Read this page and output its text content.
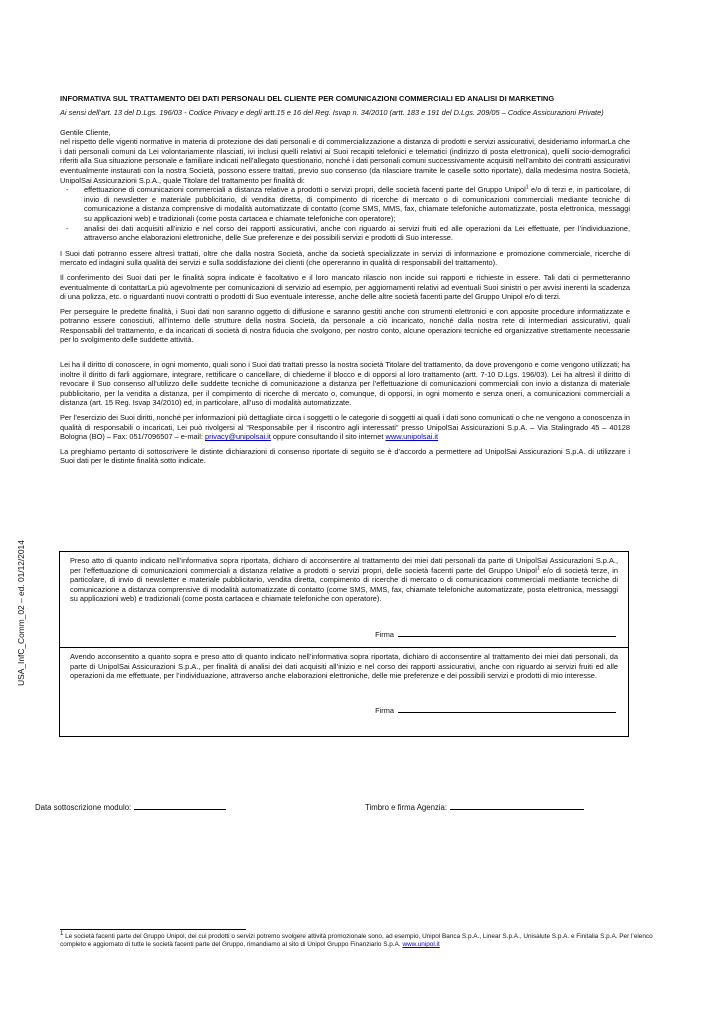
USA_InfC_Comm_02 – ed. 01/12/2014
INFORMATIVA SUL TRATTAMENTO DEI DATI PERSONALI DEL CLIENTE PER COMUNICAZIONI COMMERCIALI ED ANALISI DI MARKETING
Ai sensi dell’art. 13 del D.Lgs. 196/03 - Codice Privacy e degli artt.15 e 16 del Reg. Isvap n. 34/2010 (artt. 183 e 191 del D.Lgs. 209/05 – Codice Assicurazioni Private)

Gentile Cliente,

nel rispetto delle vigenti normative in materia di protezione dei dati personali e di commercializzazione a distanza di prodotti e servizi assicurativi, desideriamo informarLa che i dati personali comuni da Lei volontariamente rilasciati, ivi inclusi quelli relativi ai Suoi recapiti telefonici e telematici (indirizzo di posta elettronica), quelli socio-demografici riferiti alla Sua situazione personale e familiare indicati nell’allegato questionario, nonché i dati personali comuni successivamente acquisiti nell’ambito dei contratti assicurativi eventualmente instaurati con la nostra Società, possono essere trattati, previo suo consenso (da rilasciare tramite le caselle sotto riportate), dalla medesima nostra Società, UnipolSai Assicurazioni S.p.A., quale Titolare del trattamento per finalità di:

- effettuazione di comunicazioni commerciali a distanza relative a prodotti o servizi propri, delle società facenti parte del Gruppo Unipol$^1$ e/o di terzi e, in particolare, di invio di newsletter e materiale pubblicitario, di vendita diretta, di compimento di ricerche di mercato o di comunicazioni commerciali mediante tecniche di comunicazione a distanza comprensive di modalità automatizzate di contatto (come SMS, MMS, fax, chiamate telefoniche automatizzate, posta elettronica, messaggi su applicazioni web) e tradizionali (come posta cartacea e chiamate telefoniche con operatore);
- analisi dei dati acquisiti all’inizio e nel corso dei rapporti assicurativi, anche con riguardo ai servizi fruiti ed alle operazioni da Lei effettuate, per l’individuazione, attraverso anche elaborazioni elettroniche, delle Sue preferenze e dei possibili servizi e prodotti di Suo interesse.

I Suoi dati potranno essere altresì trattati, oltre che dalla nostra Società, anche da società specializzate in servizi di informazione e promozione commerciale, ricerche di mercato ed indagini sulla qualità dei servizi e sulla soddisfazione dei clienti (che opereranno in qualità di responsabili del trattamento).

Il conferimento dei Suoi dati per le finalità sopra indicate è facoltativo e il loro mancato rilascio non incide sui rapporti e richieste in essere. Tali dati ci permetteranno eventualmente di contattarLa più agevolmente per comunicazioni di servizio ad esempio, per aggiornamenti relativi ad eventuali Suoi sinistri o per avvisi inerenti la scadenza di una polizza, etc. o riguardanti nuovi contratti o prodotti di Suo eventuale interesse, anche delle altre società facenti parte del Gruppo Unipol e/o di terzi.

Per perseguire le predette finalità, i Suoi dati non saranno oggetto di diffusione e saranno gestiti anche con strumenti elettronici e con apposite procedure informatizzate e potranno essere conosciuti, all’interno delle strutture della nostra Società, da personale a ciò incaricato, nonché dalla nostra rete di intermediari assicurativi, quali Responsabili del trattamento, e da incaricati di società di nostra fiducia che svolgono, per nostro conto, alcune operazioni tecniche ed organizzative strettamente necessarie per lo svolgimento delle suddette attività.

Lei ha il diritto di conoscere, in ogni momento, quali sono i Suoi dati trattati presso la nostra società Titolare del trattamento, da dove provengono e come vengono utilizzati; ha inoltre il diritto di farli aggiornare, integrare, rettificare o cancellare, di chiederne il blocco e di opporsi al loro trattamento (artt. 7-10 D.Lgs. 196/03). Lei ha altresì il diritto di revocare il Suo consenso all’utilizzo delle suddette tecniche di comunicazione a distanza per l’effettuazione di comunicazioni commerciali con invio a distanza di materiale pubblicitario, per la vendita a distanza, per il compimento di ricerche di mercato o, comunque, di opporsi, in ogni momento e senza oneri, a comunicazioni commerciali a distanza (art. 15 Reg. Isvap 34/2010) ed, in particolare, all’uso di modalità automatizzate.

Per l’esercizio dei Suoi diritti, nonché per informazioni più dettagliate circa i soggetti o le categorie di soggetti ai quali i dati sono comunicati o che ne vengono a conoscenza in qualità di responsabili o incaricati, Lei può rivolgersi al “Responsabile per il riscontro agli interessati” presso UnipolSai Assicurazioni S.p.A. – Via Stalingrado 45 – 40128 Bologna (BO) – Fax: 051/7096507 – e-mail: privacy@unipolsai.it oppure consultando il sito internet www.unipolsai.it

La preghiamo pertanto di sottoscrivere le distinte dichiarazioni di consenso riportate di seguito se è d’accordo a permettere ad UnipolSai Assicurazioni S.p.A. di utilizzare i Suoi dati per le distinte finalità sotto indicate.

Preso atto di quanto indicato nell’informativa sopra riportata, dichiaro di acconsentire al trattamento dei miei dati personali da parte di UnipolSai Assicurazioni S.p.A., per l’effettuazione di comunicazioni commerciali a distanza relative a prodotti o servizi propri, delle società facenti parte del Gruppo Unipol$^1$ e/o di società terze, in particolare, di invio di newsletter e materiale pubblicitario, vendita diretta, compimento di ricerche di mercato o di comunicazioni commerciali mediante tecniche di comunicazione a distanza comprensive di modalità automatizzate di contatto (come SMS, MMS, fax, chiamate telefoniche automatizzate, posta elettronica, messaggi su applicazioni web) e tradizionali (come posta cartacea e chiamate telefoniche con operatore).

Firma

Avendo acconsentito a quanto sopra e preso atto di quanto indicato nell’informativa sopra riportata, dichiaro di acconsentire al trattamento dei miei dati personali, da parte di UnipolSai Assicurazioni S.p.A., per finalità di analisi dei dati acquisiti all’inizio e nel corso dei rapporti assicurativi, anche con riguardo ai servizi fruiti ed alle operazioni da me effettuate, per l’individuazione, attraverso anche elaborazioni elettroniche, delle mie preferenze e dei possibili servizi e prodotti di mio interesse.

Firma
Data sottoscrizione modulo:	Timbro e firma Agenzia:
1 Le società facenti parte del Gruppo Unipol, dei cui prodotti o servizi potremo svolgere attività promozionale sono, ad esempio, Unipol Banca S.p.A., Linear S.p.A., Unisalute S.p.A. e Finitalia S.p.A. Per l’elenco completo e aggiornato di tutte le società facenti parte del Gruppo, rimandiamo al sito di Unipol Gruppo Finanziario S.p.A. www.unipol.it
